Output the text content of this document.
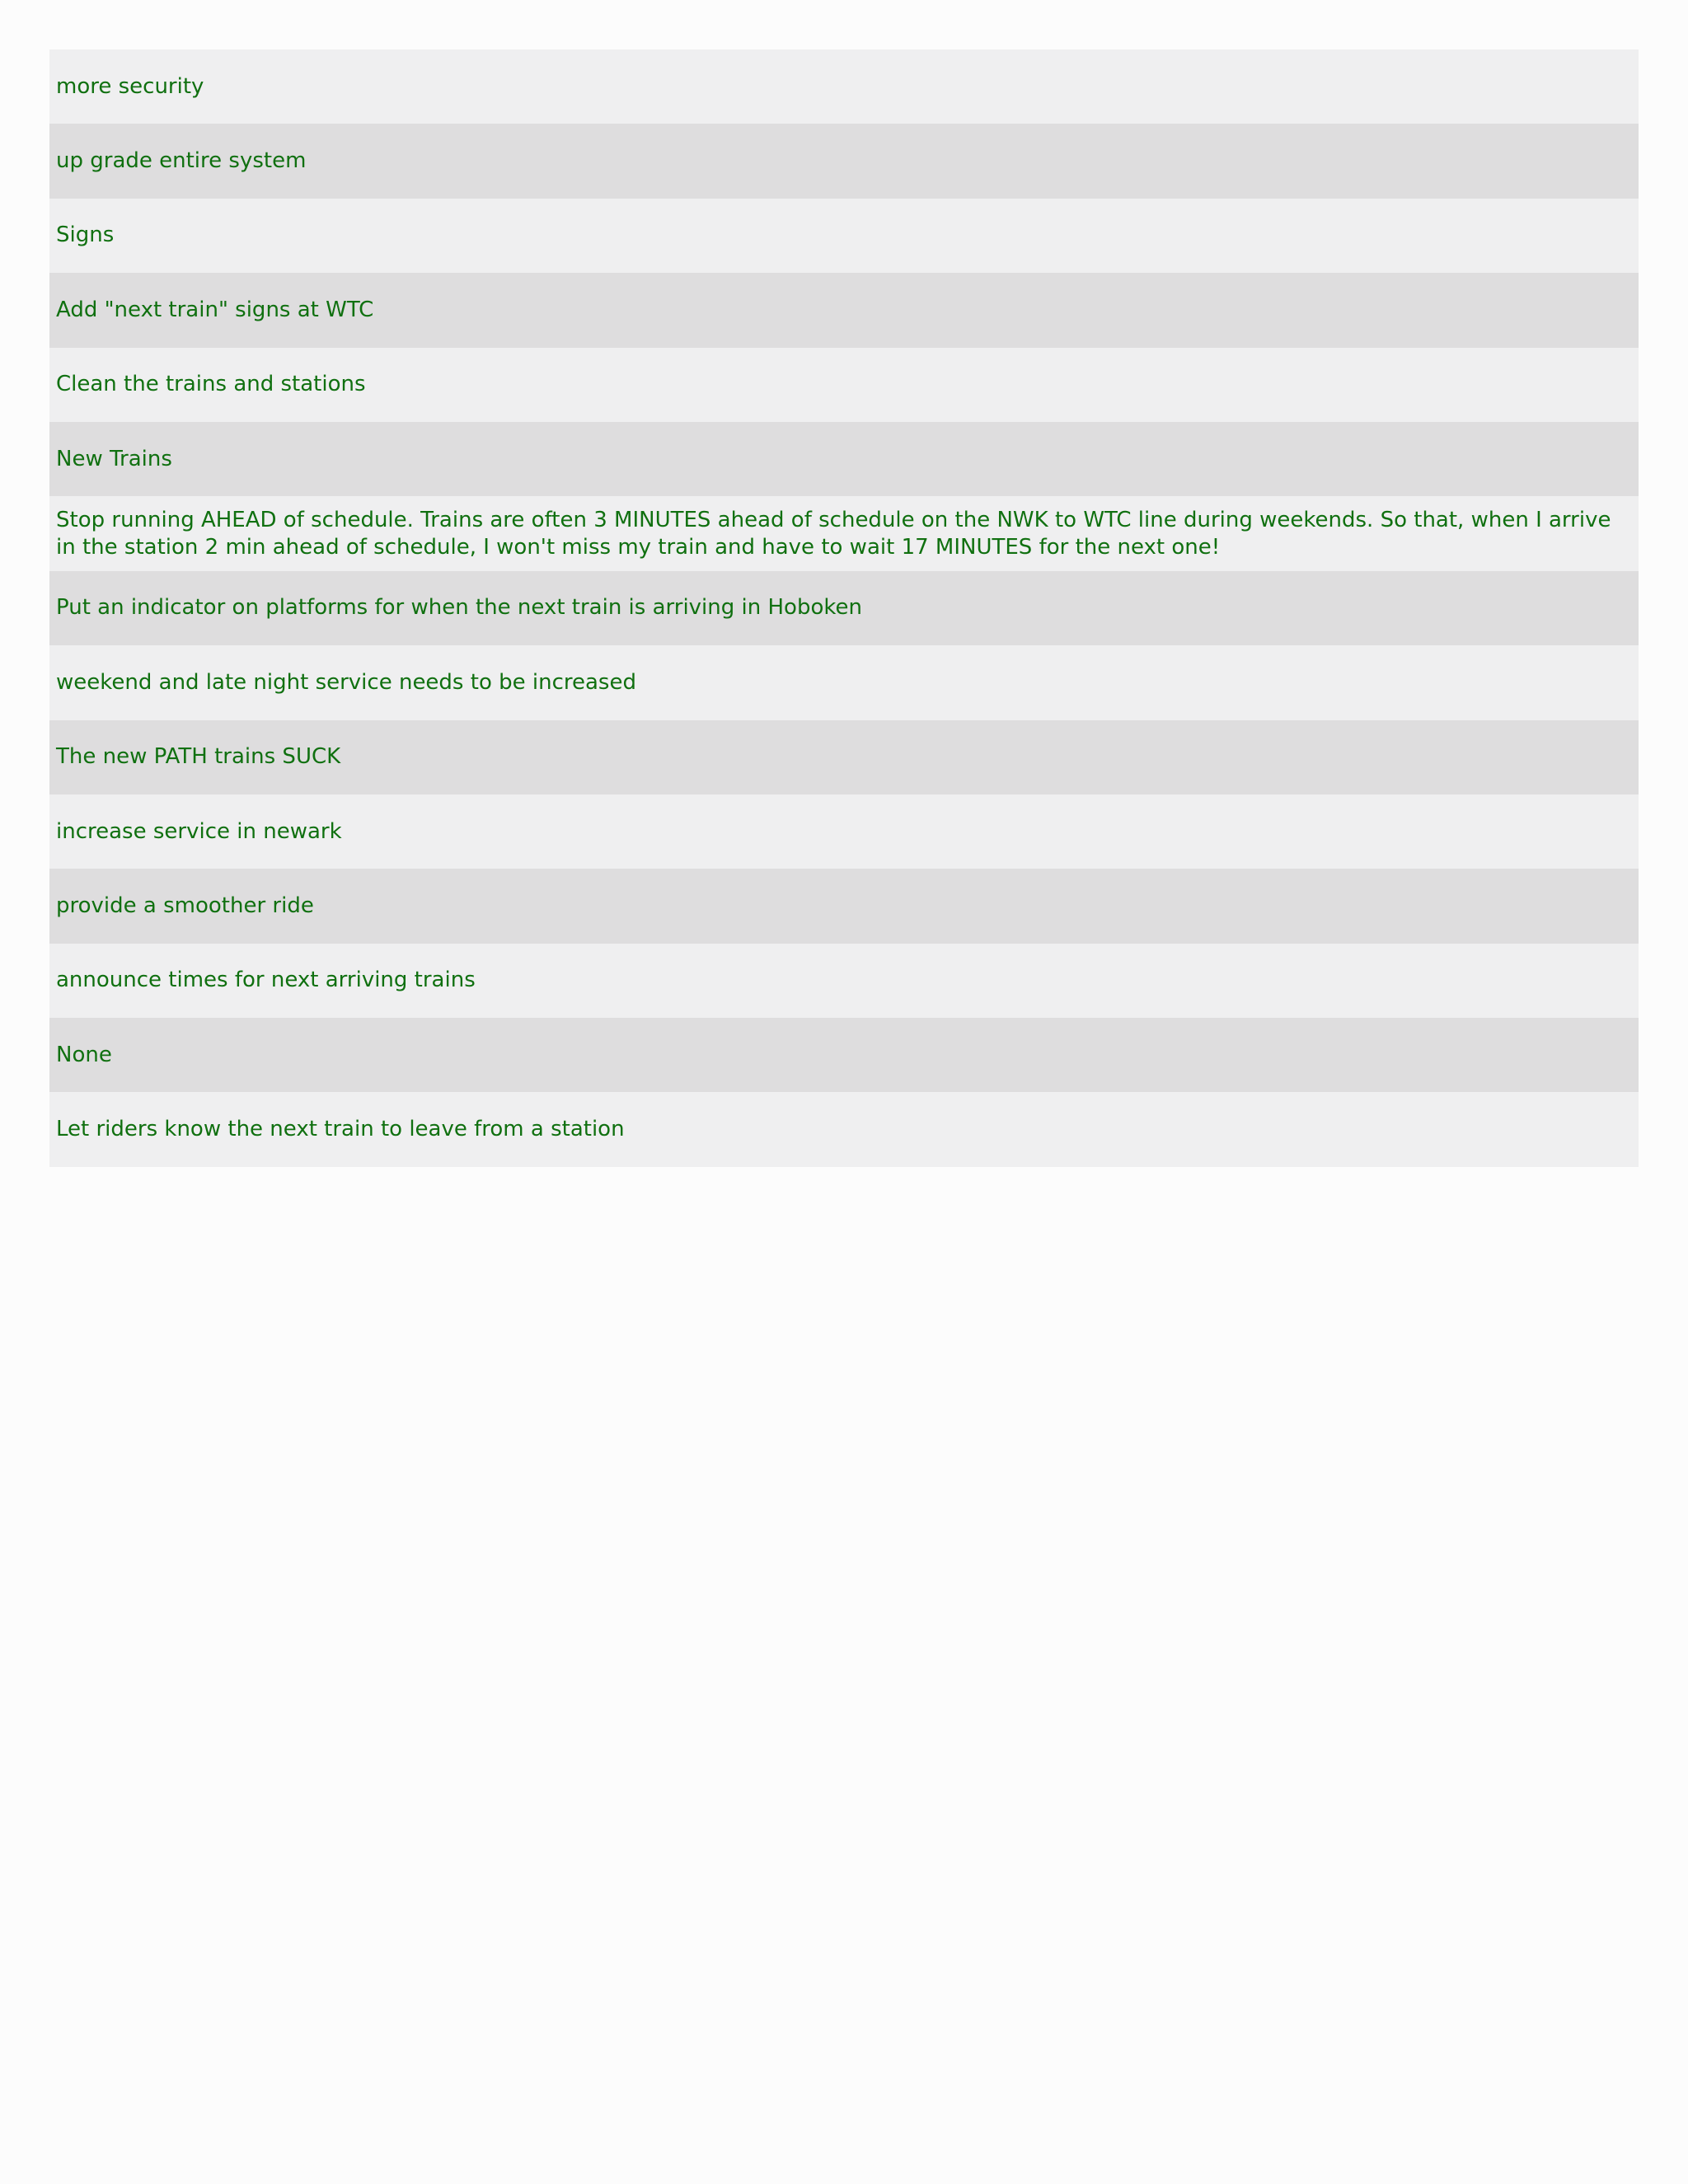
more security
up grade entire system
Signs
Add "next train" signs at WTC
Clean the trains and stations
New Trains
Stop running AHEAD of schedule. Trains are often 3 MINUTES ahead of schedule on the NWK to WTC line during weekends. So that, when I arrive in the station 2 min ahead of schedule, I won't miss my train and have to wait 17 MINUTES for the next one!
Put an indicator on platforms for when the next train is arriving in Hoboken
weekend and late night service needs to be increased
The new PATH trains SUCK
increase service in newark
provide a smoother ride
announce times for next arriving trains
None
Let riders know the next train to leave from a station
